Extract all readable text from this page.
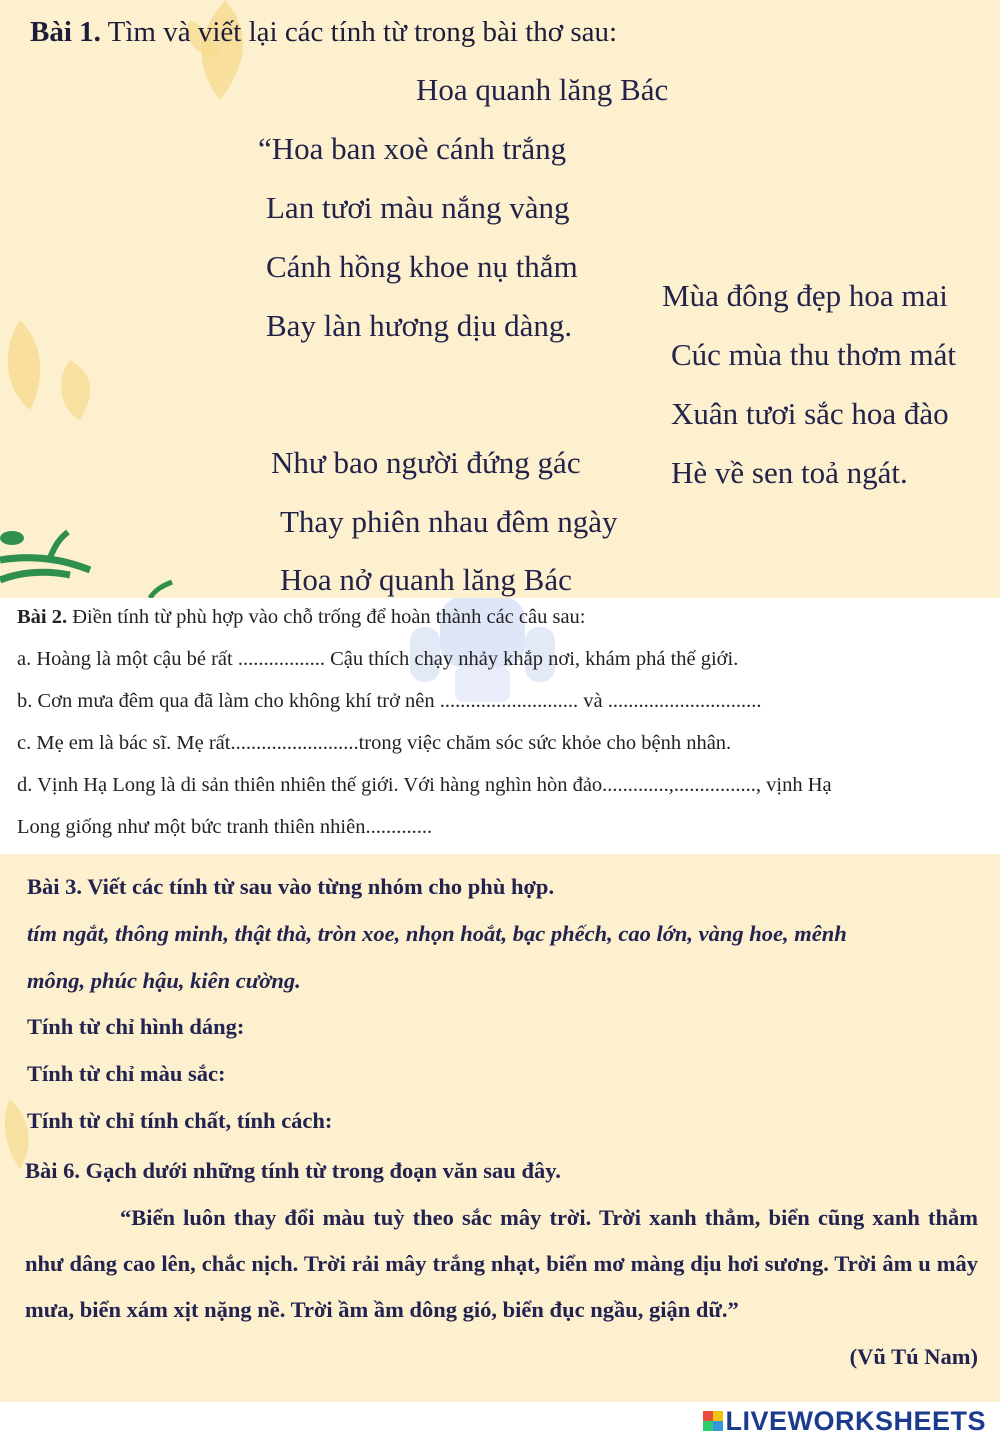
Bài 1. Tìm và viết lại các tính từ trong bài thơ sau:
Hoa quanh lăng Bác
“Hoa ban xoè cánh trắng
Lan tươi màu nắng vàng
Cánh hồng khoe nụ thắm
Bay làn hương dịu dàng.
Mùa đông đẹp hoa mai
Cúc mùa thu thơm mát
Xuân tươi sắc hoa đào
Hè về sen toả ngát.
Như bao người đứng gác
Thay phiên nhau đêm ngày
Hoa nở quanh lăng Bác
Bài 2. Điền tính từ phù hợp vào chỗ trống để hoàn thành các câu sau:
a. Hoàng là một cậu bé rất ................. Cậu thích chạy nhảy khắp nơi, khám phá thế giới.
b. Cơn mưa đêm qua đã làm cho không khí trở nên ........................... và ..............................
c. Mẹ em là bác sĩ. Mẹ rất.........................trong việc chăm sóc sức khỏe cho bệnh nhân.
d. Vịnh Hạ Long là di sản thiên nhiên thế giới. Với hàng nghìn hòn đảo.............,................, vịnh Hạ
Long giống như một bức tranh thiên nhiên.............
Bài 3. Viết các tính từ sau vào từng nhóm cho phù hợp.
tím ngắt, thông minh, thật thà, tròn xoe, nhọn hoắt, bạc phếch, cao lớn, vàng hoe, mênh
mông, phúc hậu, kiên cường.
Tính từ chỉ hình dáng:
Tính từ chỉ màu sắc:
Tính từ chỉ tính chất, tính cách:
Bài 6. Gạch dưới những tính từ trong đoạn văn sau đây.
“Biển luôn thay đổi màu tuỳ theo sắc mây trời. Trời xanh thẳm, biển cũng xanh thẳm như dâng cao lên, chắc nịch. Trời rải mây trắng nhạt, biển mơ màng dịu hơi sương. Trời âm u mây mưa, biển xám xịt nặng nề. Trời ầm ầm dông gió, biển đục ngầu, giận dữ.”
(Vũ Tú Nam)
LIVEWORKSHEETS
